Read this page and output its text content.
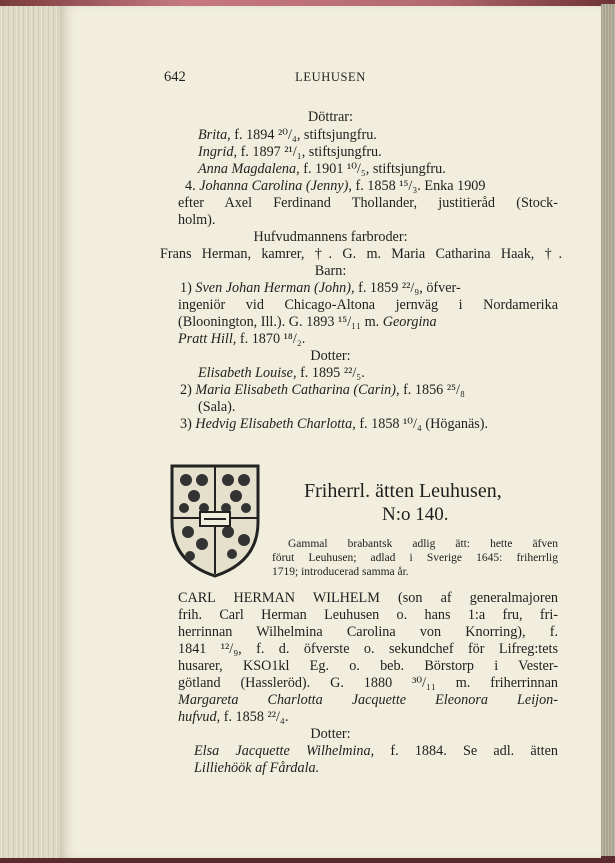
642	LEUHUSEN
Döttrar:
Brita, f. 1894 ²⁰/₄, stiftsjungfru.
Ingrid, f. 1897 ²¹/₁, stiftsjungfru.
Anna Magdalena, f. 1901 ¹⁰/₅, stiftsjungfru.
4. Johanna Carolina (Jenny), f. 1858 ¹⁵/₃. Enka 1909
efter Axel Ferdinand Thollander, justitieråd (Stock-
holm).
Hufvudmannens farbroder:
Frans Herman, kamrer, †. G. m. Maria Catharina Haak, †.
Barn:
1) Sven Johan Herman (John), f. 1859 ²²/₉, öfver-
ingeniör vid Chicago-Altona jernväg i Nordamerika
(Bloonington, Ill.). G. 1893 ¹⁵/₁₁ m. Georgina
Pratt Hill, f. 1870 ¹⁸/₂.
Dotter:
Elisabeth Louise, f. 1895 ²²/₅.
2) Maria Elisabeth Catharina (Carin), f. 1856 ²⁵/₈
(Sala).
3) Hedvig Elisabeth Charlotta, f. 1858 ¹⁰/₄ (Höganäs).
Friherrl. ätten Leuhusen,
N:o 140.
Gammal brabantsk adlig ätt: hette äfven
förut Leuhusen; adlad i Sverige 1645: friherrlig
1719; introducerad samma år.
CARL HERMAN WILHELM (son af generalmajoren
frih. Carl Herman Leuhusen o. hans 1:a fru, fri-
herrinnan Wilhelmina Carolina von Knorring), f.
1841 ¹²/₉, f. d. öfverste o. sekundchef för Lifreg:tets
husarer, KSO1kl Eg. o. beb. Börstorp i Vester-
götland (Hassleröd). G. 1880 ³⁰/₁₁ m. friherrinnan
Margareta Charlotta Jacquette Eleonora Leijon-
hufvud, f. 1858 ²²/₄.
Dotter:
Elsa Jacquette Wilhelmina, f. 1884. Se adl. ätten
Lilliehöök af Fårdala.
